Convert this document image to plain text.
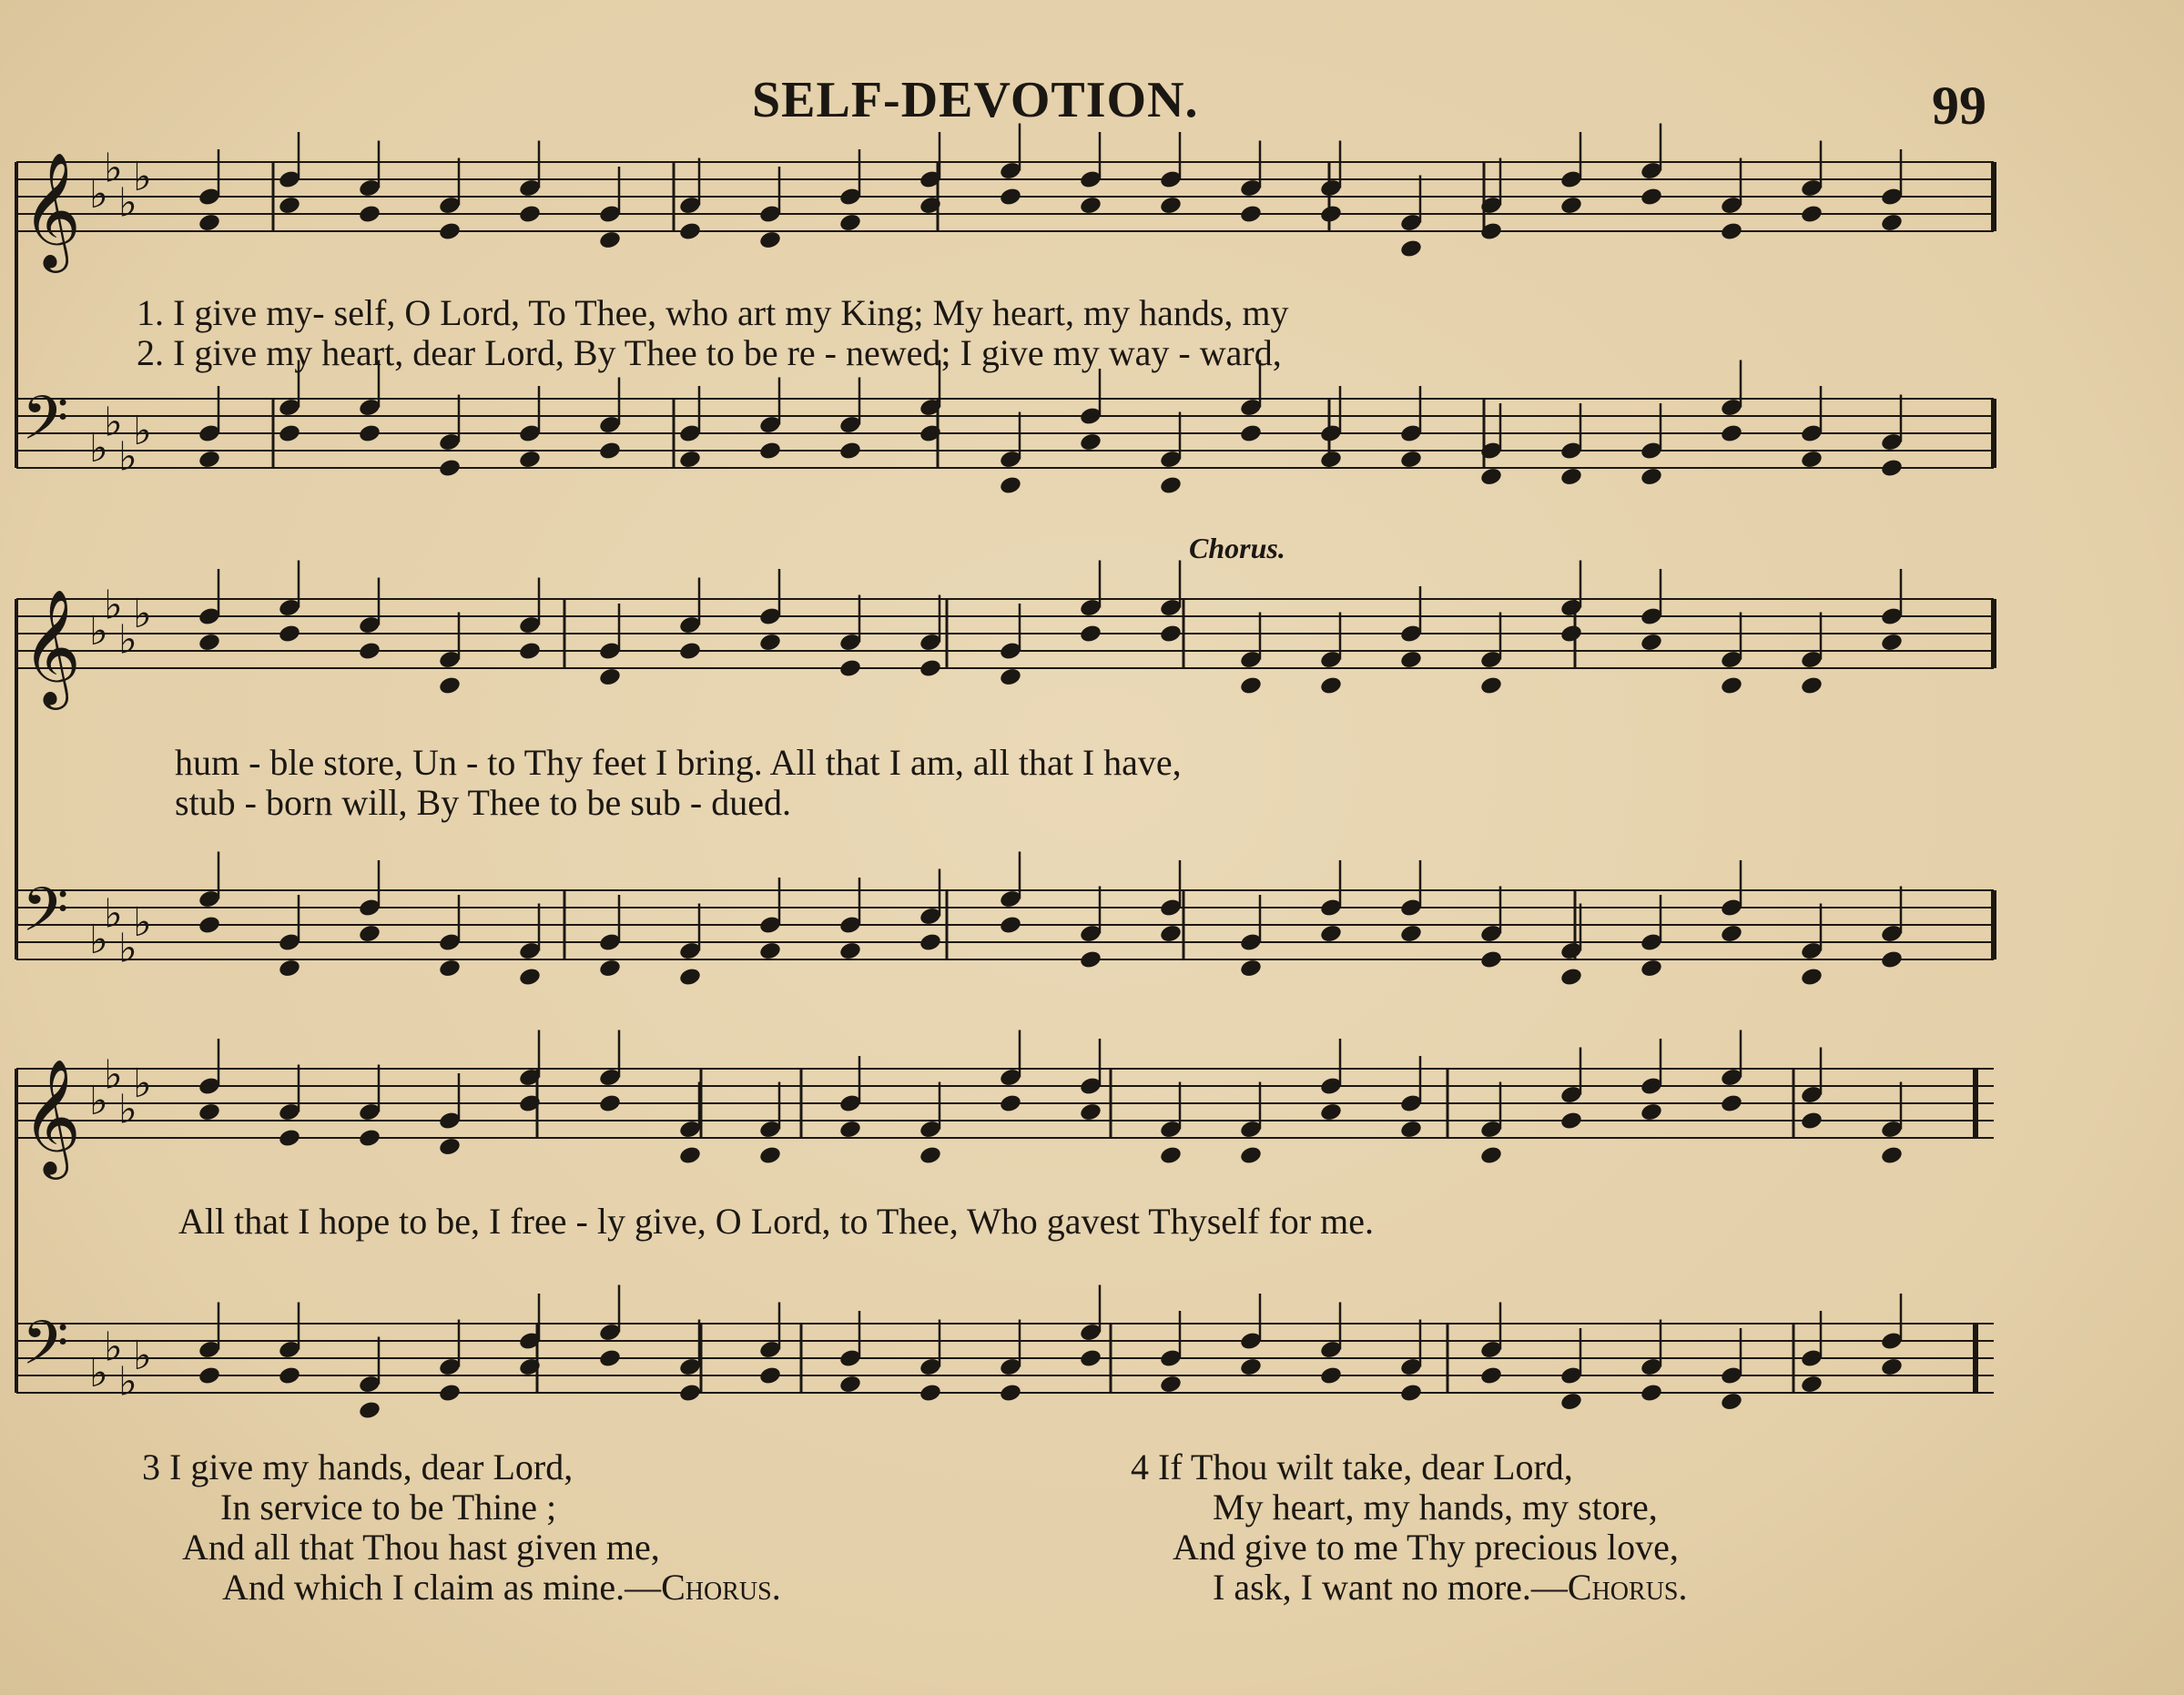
SELF-DEVOTION.	99
𝄞 ♭
♭
♭
♭
𝄢 ♭
♭
♭
♭
1. I give my- self, O Lord, To Thee, who art my King; My heart, my hands, my
2. I give my heart, dear Lord, By Thee to be re - newed; I give my way - ward,
Chorus.
𝄞 ♭
♭
♭
♭
𝄢 ♭
♭
♭
♭
hum - ble store, Un - to Thy feet I bring. All that I am, all that I have,
stub - born will, By Thee to be sub - dued.
𝄞 ♭
♭
♭
♭
𝄢 ♭
♭
♭
♭
All that I hope to be, I free - ly give, O Lord, to Thee, Who gavest Thyself for me.
3 I give my hands, dear Lord,
In service to be Thine ;
And all that Thou hast given me,
And which I claim as mine.—Chorus.
4 If Thou wilt take, dear Lord,
My heart, my hands, my store,
And give to me Thy precious love,
I ask, I want no more.—Chorus.
